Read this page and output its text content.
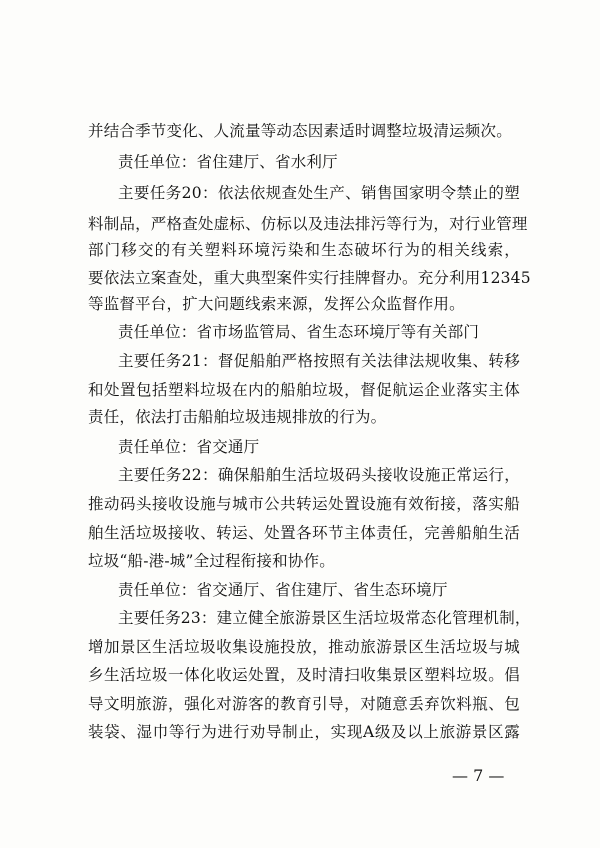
并结合季节变化、人流量等动态因素适时调整垃圾清运频次。
责任单位：省住建厅、省水利厅
主要任务20：依法依规查处生产、销售国家明令禁止的塑
料制品，严格查处虚标、仿标以及违法排污等行为，对行业管理
部门移交的有关塑料环境污染和生态破坏行为的相关线索，
要依法立案查处，重大典型案件实行挂牌督办。充分利用12345
等监督平台，扩大问题线索来源，发挥公众监督作用。
责任单位：省市场监管局、省生态环境厅等有关部门
主要任务21：督促船舶严格按照有关法律法规收集、转移
和处置包括塑料垃圾在内的船舶垃圾，督促航运企业落实主体
责任，依法打击船舶垃圾违规排放的行为。
责任单位：省交通厅
主要任务22：确保船舶生活垃圾码头接收设施正常运行，
推动码头接收设施与城市公共转运处置设施有效衔接，落实船
舶生活垃圾接收、转运、处置各环节主体责任，完善船舶生活
垃圾“船-港-城”全过程衔接和协作。
责任单位：省交通厅、省住建厅、省生态环境厅
主要任务23：建立健全旅游景区生活垃圾常态化管理机制，
增加景区生活垃圾收集设施投放，推动旅游景区生活垃圾与城
乡生活垃圾一体化收运处置，及时清扫收集景区塑料垃圾。倡
导文明旅游，强化对游客的教育引导，对随意丢弃饮料瓶、包
装袋、湿巾等行为进行劝导制止，实现A级及以上旅游景区露
— 7 —
